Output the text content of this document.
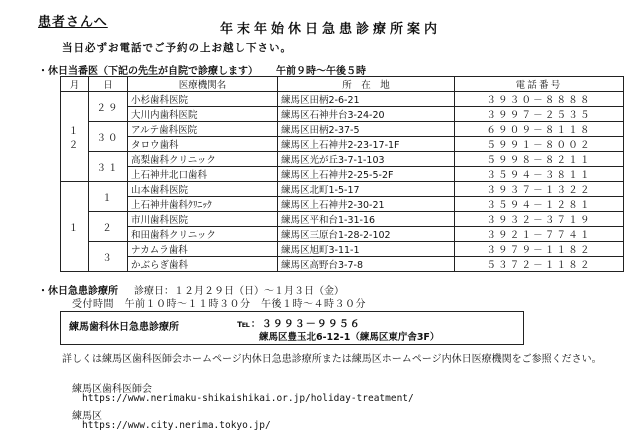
患者さんへ	年末年始休日急患診療所案内
当日必ずお電話でご予約の上お越し下さい。
・休日当番医（下記の先生が自院で診療します） 午前９時～午後５時
月	日	医療機関名	所　在　地	電話番号
１２	２９	小杉歯科医院	練馬区田柄2-6-21	３９３０－８８８８
		大川内歯科医院	練馬区石神井台3-24-20	３９９７－２５３５
	３０	アルテ歯科医院	練馬区田柄2-37-5	６９０９－８１１８
		タロウ歯科	練馬区上石神井2-23-17-1F	５９９１－８００２
	３１	高梨歯科クリニック	練馬区光が丘3-7-1-103	５９９８－８２１１
		上石神井北口歯科	練馬区上石神井2-25-5-2F	３５９４－３８１１
１	１	山本歯科医院	練馬区北町1-5-17	３９３７－１３２２
		上石神井歯科ｸﾘﾆｯｸ	練馬区上石神井2-30-21	３５９４－１２８１
	２	市川歯科医院	練馬区平和台1-31-16	３９３２－３７１９
		和田歯科クリニック	練馬区三原台1-28-2-102	３９２１－７７４１
	３	ナカムラ歯科	練馬区旭町3-11-1	３９７９－１１８２
		かぶらぎ歯科	練馬区高野台3-7-8	５３７２－１１８２
・休日急患診療所 診療日：１２月２９日（日）～１月３日（金）
受付時間　午前１０時～１１時３０分　午後１時～４時３０分
練馬歯科休日急患診療所	℡：３９９３－９９５６
練馬区豊玉北6-12-1（練馬区東庁舎3F）
詳しくは練馬区歯科医師会ホームページ内休日急患診療所または練馬区ホームページ内休日医療機関をご参照ください。
練馬区歯科医師会
https://www.nerimaku-shikaishikai.or.jp/holiday-treatment/
練馬区
https://www.city.nerima.tokyo.jp/
